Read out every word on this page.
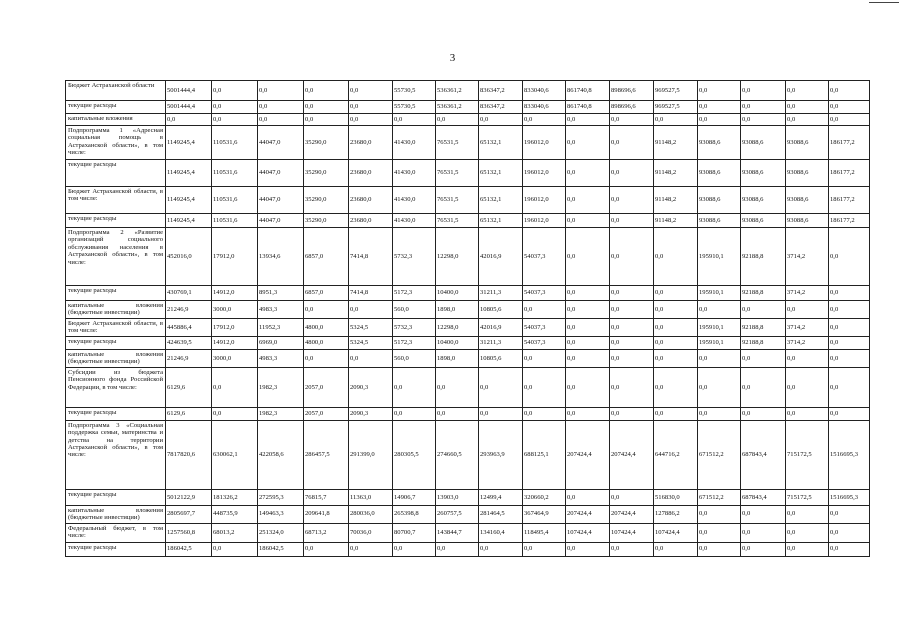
3
Бюджет Астраханской области	5001444,4	0,0	0,0	0,0	0,0	55730,5	536361,2	836347,2	833040,6	861740,8	898696,6	969527,5	0,0	0,0	0,0	0,0
текущие расходы	5001444,4	0,0	0,0	0,0	0,0	55730,5	536361,2	836347,2	833040,6	861740,8	898696,6	969527,5	0,0	0,0	0,0	0,0
капитальные вложения	0,0	0,0	0,0	0,0	0,0	0,0	0,0	0,0	0,0	0,0	0,0	0,0	0,0	0,0	0,0	0,0
Подпрограмма 1 «Адресная социальная помощь в Астраханской области», в том числе:	1149245,4	110531,6	44047,0	35290,0	23680,0	41430,0	76531,5	65132,1	196012,0	0,0	0,0	91148,2	93088,6	93088,6	93088,6	186177,2
текущие расходы	1149245,4	110531,6	44047,0	35290,0	23680,0	41430,0	76531,5	65132,1	196012,0	0,0	0,0	91148,2	93088,6	93088,6	93088,6	186177,2
Бюджет Астраханской области, в том числе:	1149245,4	110531,6	44047,0	35290,0	23680,0	41430,0	76531,5	65132,1	196012,0	0,0	0,0	91148,2	93088,6	93088,6	93088,6	186177,2
текущие расходы	1149245,4	110531,6	44047,0	35290,0	23680,0	41430,0	76531,5	65132,1	196012,0	0,0	0,0	91148,2	93088,6	93088,6	93088,6	186177,2
Подпрограмма 2 «Развитие организаций социального обслуживания населения в Астраханской области», в том числе:	452016,0	17912,0	13934,6	6857,0	7414,8	5732,3	12298,0	42016,9	54037,3	0,0	0,0	0,0	195910,1	92188,8	3714,2	0,0
текущие расходы	430769,1	14912,0	8951,3	6857,0	7414,8	5172,3	10400,0	31211,3	54037,3	0,0	0,0	0,0	195910,1	92188,8	3714,2	0,0
капитальные вложения (бюджетные инвестиции)	21246,9	3000,0	4983,3	0,0	0,0	560,0	1898,0	10805,6	0,0	0,0	0,0	0,0	0,0	0,0	0,0	0,0
Бюджет Астраханской области, в том числе:	445886,4	17912,0	11952,3	4800,0	5324,5	5732,3	12298,0	42016,9	54037,3	0,0	0,0	0,0	195910,1	92188,8	3714,2	0,0
текущие расходы	424639,5	14912,0	6969,0	4800,0	5324,5	5172,3	10400,0	31211,3	54037,3	0,0	0,0	0,0	195910,1	92188,8	3714,2	0,0
капитальные вложения (бюджетные инвестиции)	21246,9	3000,0	4983,3	0,0	0,0	560,0	1898,0	10805,6	0,0	0,0	0,0	0,0	0,0	0,0	0,0	0,0
Субсидии из бюджета Пенсионного фонда Российской Федерации, в том числе:	6129,6	0,0	1982,3	2057,0	2090,3	0,0	0,0	0,0	0,0	0,0	0,0	0,0	0,0	0,0	0,0	0,0
текущие расходы	6129,6	0,0	1982,3	2057,0	2090,3	0,0	0,0	0,0	0,0	0,0	0,0	0,0	0,0	0,0	0,0	0,0
Подпрограмма 3 «Социальная поддержка семьи, материнства и детства на территории Астраханской области», в том числе:	7817820,6	630062,1	422058,6	286457,5	291399,0	280305,5	274660,5	293963,9	688125,1	207424,4	207424,4	644716,2	671512,2	687843,4	715172,5	1516695,3
текущие расходы	5012122,9	181326,2	272595,3	76815,7	11363,0	14906,7	13903,0	12499,4	320660,2	0,0	0,0	516830,0	671512,2	687843,4	715172,5	1516695,3
капитальные вложения (бюджетные инвестиции)	2805697,7	448735,9	149463,3	209641,8	280036,0	265398,8	260757,5	281464,5	367464,9	207424,4	207424,4	127886,2	0,0	0,0	0,0	0,0
Федеральный бюджет, в том числе:	1257560,8	68013,2	251324,0	68713,2	70036,0	80700,7	143844,7	134160,4	118495,4	107424,4	107424,4	107424,4	0,0	0,0	0,0	0,0
текущие расходы	186042,5	0,0	186042,5	0,0	0,0	0,0	0,0	0,0	0,0	0,0	0,0	0,0	0,0	0,0	0,0	0,0
